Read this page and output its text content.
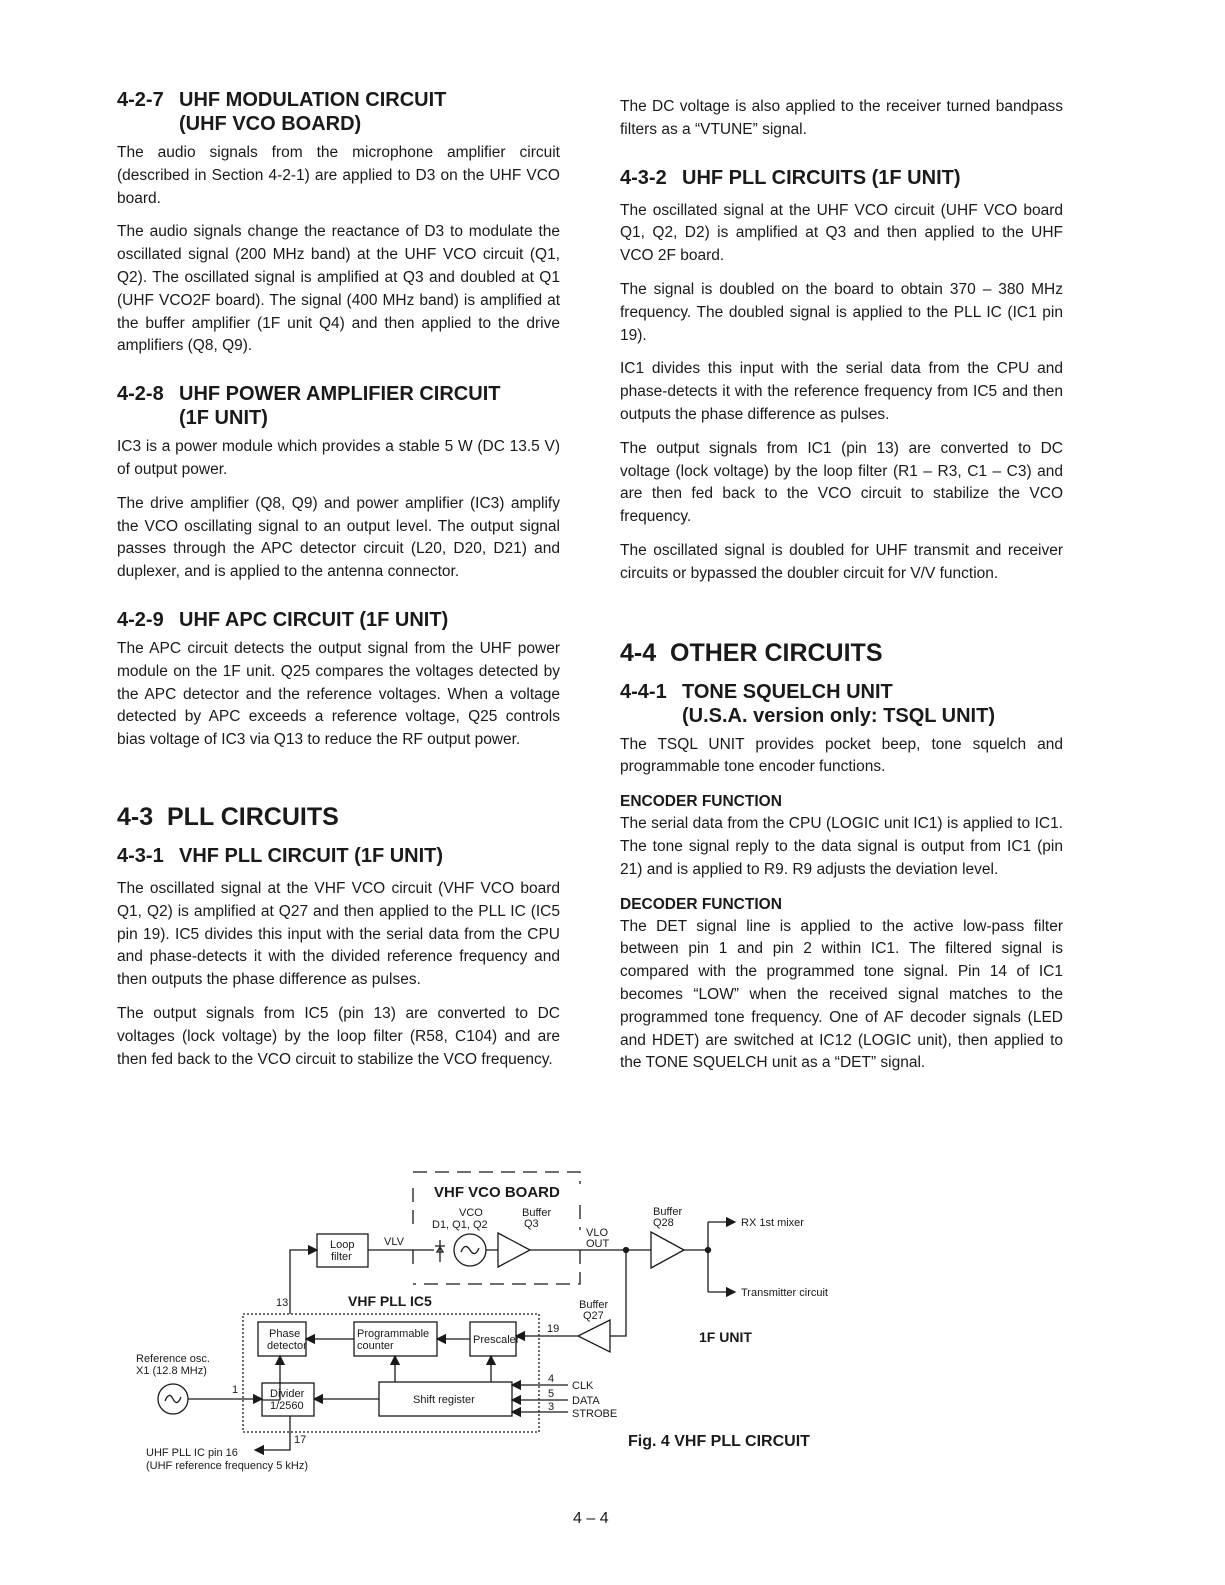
4-2-7 UHF MODULATION CIRCUIT
(UHF VCO BOARD)

The audio signals from the microphone amplifier circuit (described in Section 4-2-1) are applied to D3 on the UHF VCO board.

The audio signals change the reactance of D3 to modulate the oscillated signal (200 MHz band) at the UHF VCO circuit (Q1, Q2). The oscillated signal is amplified at Q3 and doubled at Q1 (UHF VCO2F board). The signal (400 MHz band) is amplified at the buffer amplifier (1F unit Q4) and then applied to the drive amplifiers (Q8, Q9).

4-2-8 UHF POWER AMPLIFIER CIRCUIT
(1F UNIT)

IC3 is a power module which provides a stable 5 W (DC 13.5 V) of output power.

The drive amplifier (Q8, Q9) and power amplifier (IC3) amplify the VCO oscillating signal to an output level. The output signal passes through the APC detector circuit (L20, D20, D21) and duplexer, and is applied to the antenna connector.

4-2-9 UHF APC CIRCUIT (1F UNIT)

The APC circuit detects the output signal from the UHF power module on the 1F unit. Q25 compares the voltages detected by the APC detector and the reference voltages. When a voltage detected by APC exceeds a reference voltage, Q25 controls bias voltage of IC3 via Q13 to reduce the RF output power.

4-3 PLL CIRCUITS
4-3-1 VHF PLL CIRCUIT (1F UNIT)

The oscillated signal at the VHF VCO circuit (VHF VCO board Q1, Q2) is amplified at Q27 and then applied to the PLL IC (IC5 pin 19). IC5 divides this input with the serial data from the CPU and phase-detects it with the divided reference frequency and then outputs the phase difference as pulses.

The output signals from IC5 (pin 13) are converted to DC voltages (lock voltage) by the loop filter (R58, C104) and are then fed back to the VCO circuit to stabilize the VCO frequency.

The DC voltage is also applied to the receiver turned bandpass filters as a “VTUNE” signal.

4-3-2 UHF PLL CIRCUITS (1F UNIT)

The oscillated signal at the UHF VCO circuit (UHF VCO board Q1, Q2, D2) is amplified at Q3 and then applied to the UHF VCO 2F board.

The signal is doubled on the board to obtain 370 – 380 MHz frequency. The doubled signal is applied to the PLL IC (IC1 pin 19).

IC1 divides this input with the serial data from the CPU and phase-detects it with the reference frequency from IC5 and then outputs the phase difference as pulses.

The output signals from IC1 (pin 13) are converted to DC voltage (lock voltage) by the loop filter (R1 – R3, C1 – C3) and are then fed back to the VCO circuit to stabilize the VCO frequency.

The oscillated signal is doubled for UHF transmit and receiver circuits or bypassed the doubler circuit for V/V function.

4-4 OTHER CIRCUITS
4-4-1 TONE SQUELCH UNIT
(U.S.A. version only: TSQL UNIT)

The TSQL UNIT provides pocket beep, tone squelch and programmable tone encoder functions.

ENCODER FUNCTION

The serial data from the CPU (LOGIC unit IC1) is applied to IC1. The tone signal reply to the data signal is output from IC1 (pin 21) and is applied to R9. R9 adjusts the deviation level.

DECODER FUNCTION

The DET signal line is applied to the active low-pass filter between pin 1 and pin 2 within IC1. The filtered signal is compared with the programmed tone signal. Pin 14 of IC1 becomes “LOW” when the received signal matches to the programmed tone frequency. One of AF decoder signals (LED and HDET) are switched at IC12 (LOGIC unit), then applied to the TONE SQUELCH unit as a “DET” signal.

VHF VCO BOARD
VCO
D1, Q1, Q2
Buffer
Q3
VLO
OUT
Buffer
Q28	RX 1st mixer
Transmitter circuit
Loop
filter
VLV
VHF PLL IC5
13	Buffer
Q27
Phase
detector
Programmable
counter	Prescaler
19	1F UNIT
Reference osc.
X1 (12.8 MHz)
1	Divider
1/2560	Shift register
4
CLK
5
DATA
3
STROBE
17
UHF PLL IC pin 16
(UHF reference frequency 5 kHz)
Fig. 4 VHF PLL CIRCUIT
4 – 4
